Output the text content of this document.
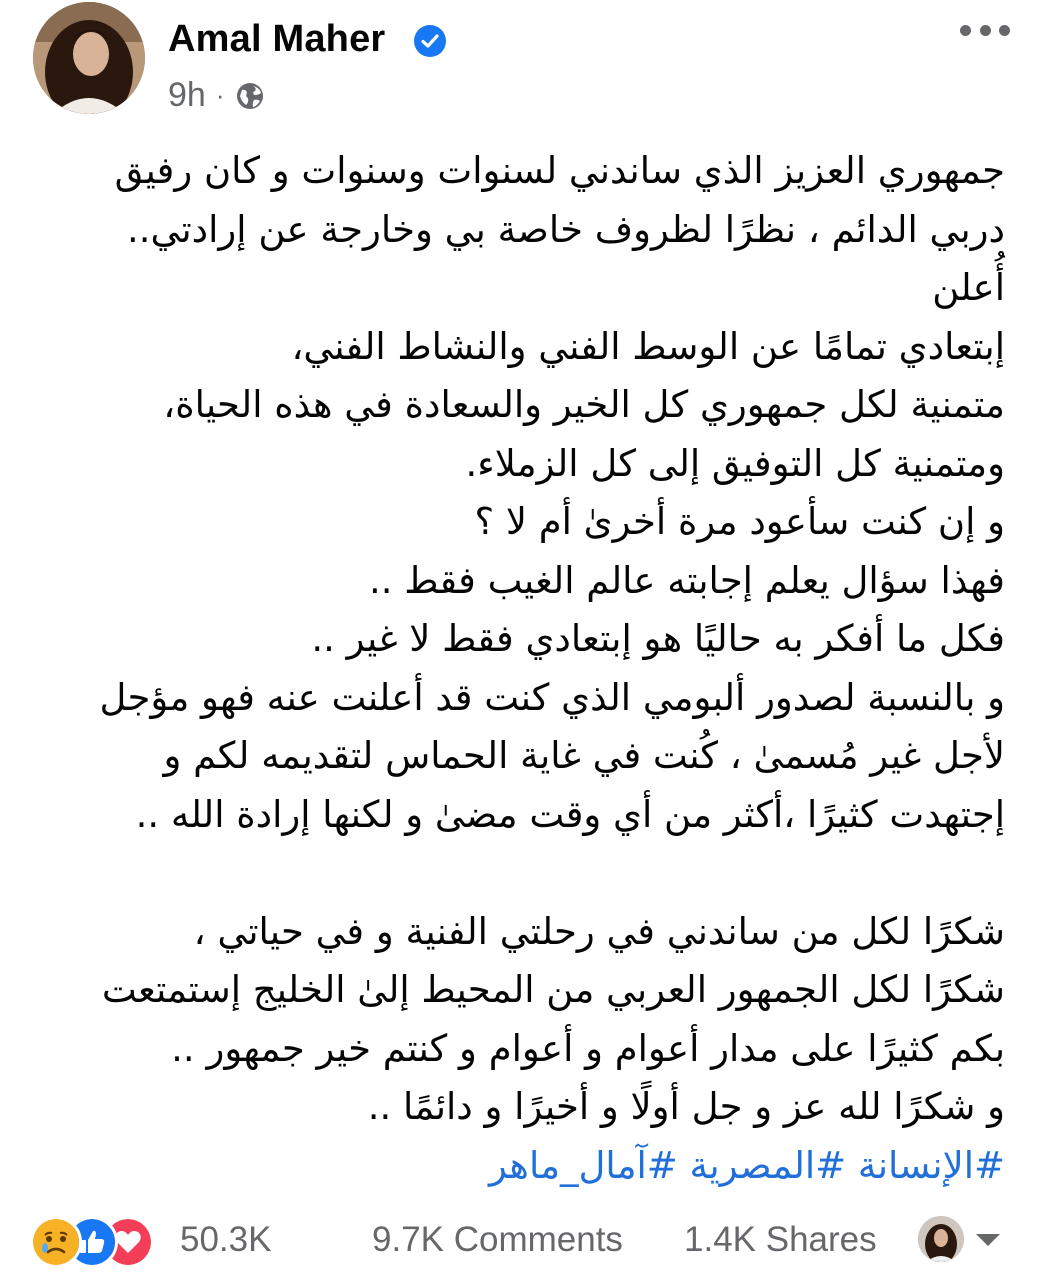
Amal Maher
9h ·
جمهوري العزيز الذي ساندني لسنوات وسنوات و كان رفيق
دربي الدائم ، نظرًا لظروف خاصة بي وخارجة عن إرادتي..
أُعلن
إبتعادي تمامًا عن الوسط الفني والنشاط الفني،
متمنية لكل جمهوري كل الخير والسعادة في هذه الحياة،
ومتمنية كل التوفيق إلى كل الزملاء.
و إن كنت سأعود مرة أخرىٰ أم لا ؟
فهذا سؤال يعلم إجابته عالم الغيب فقط ..
فكل ما أفكر به حاليًا هو إبتعادي فقط لا غير ..
و بالنسبة لصدور ألبومي الذي كنت قد أعلنت عنه فهو مؤجل
لأجل غير مُسمىٰ ، كُنت في غاية الحماس لتقديمه لكم و
إجتهدت كثيرًا ،أكثر من أي وقت مضىٰ و لكنها إرادة الله ..
شكرًا لكل من ساندني في رحلتي الفنية و في حياتي ،
شكرًا لكل الجمهور العربي من المحيط إلىٰ الخليج إستمتعت
بكم كثيرًا على مدار أعوام و أعوام و كنتم خير جمهور ..
و شكرًا لله عز و جل أولًا و أخيرًا و دائمًا ..
#الإنسانة #المصرية #آمال_ماهر
50.3K	9.7K Comments 1.4K Shares
